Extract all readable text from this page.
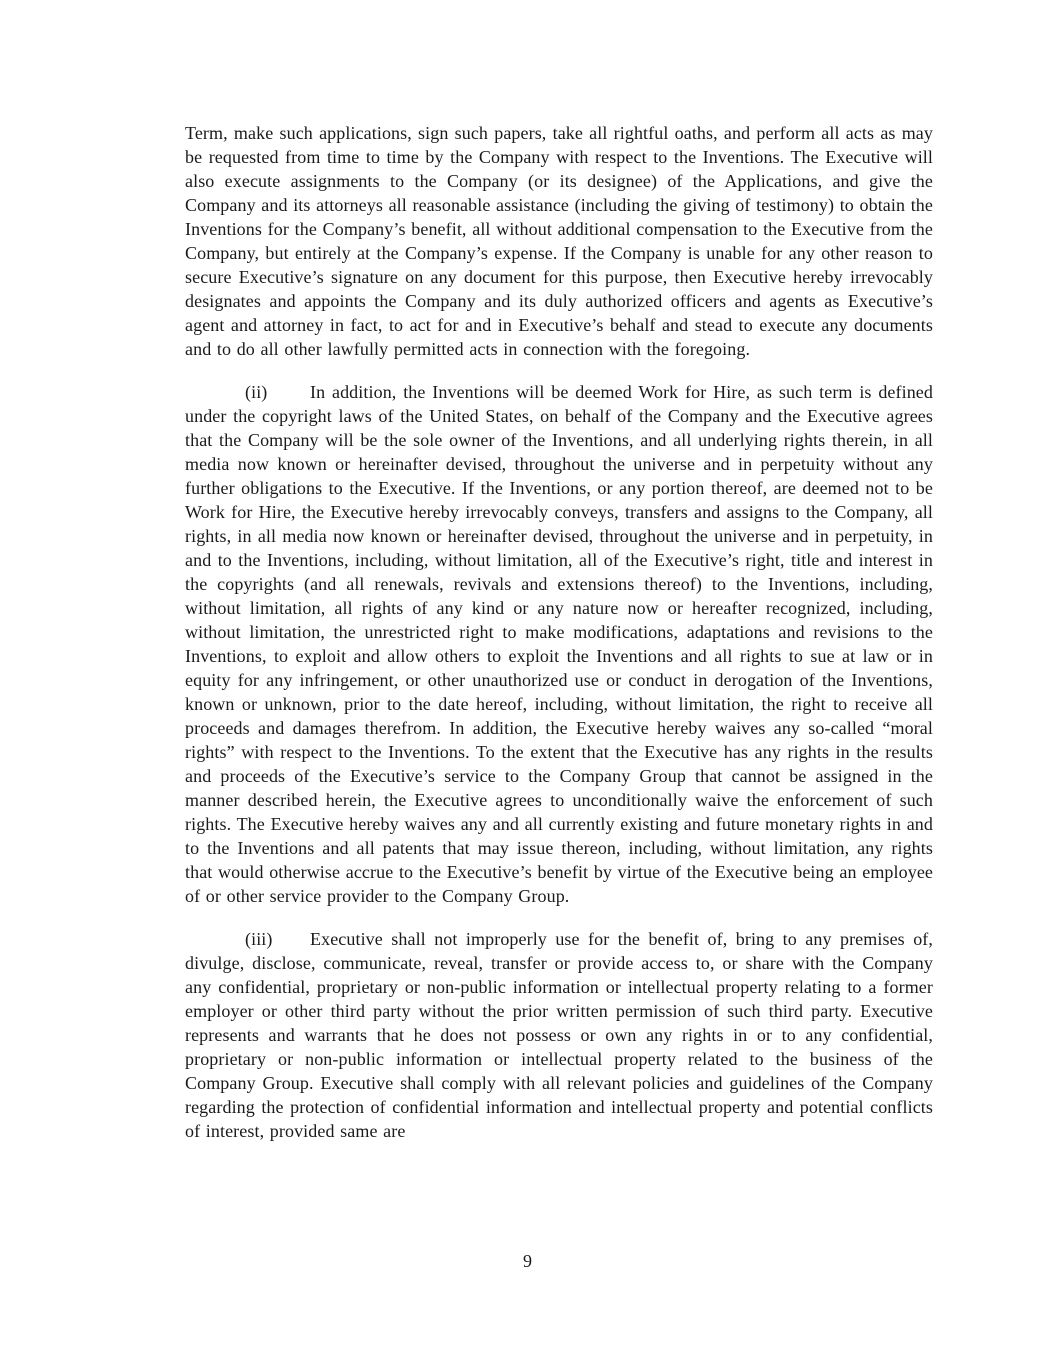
Term, make such applications, sign such papers, take all rightful oaths, and perform all acts as may be requested from time to time by the Company with respect to the Inventions. The Executive will also execute assignments to the Company (or its designee) of the Applications, and give the Company and its attorneys all reasonable assistance (including the giving of testimony) to obtain the Inventions for the Company’s benefit, all without additional compensation to the Executive from the Company, but entirely at the Company’s expense. If the Company is unable for any other reason to secure Executive’s signature on any document for this purpose, then Executive hereby irrevocably designates and appoints the Company and its duly authorized officers and agents as Executive’s agent and attorney in fact, to act for and in Executive’s behalf and stead to execute any documents and to do all other lawfully permitted acts in connection with the foregoing.

(ii) In addition, the Inventions will be deemed Work for Hire, as such term is defined under the copyright laws of the United States, on behalf of the Company and the Executive agrees that the Company will be the sole owner of the Inventions, and all underlying rights therein, in all media now known or hereinafter devised, throughout the universe and in perpetuity without any further obligations to the Executive. If the Inventions, or any portion thereof, are deemed not to be Work for Hire, the Executive hereby irrevocably conveys, transfers and assigns to the Company, all rights, in all media now known or hereinafter devised, throughout the universe and in perpetuity, in and to the Inventions, including, without limitation, all of the Executive’s right, title and interest in the copyrights (and all renewals, revivals and extensions thereof) to the Inventions, including, without limitation, all rights of any kind or any nature now or hereafter recognized, including, without limitation, the unrestricted right to make modifications, adaptations and revisions to the Inventions, to exploit and allow others to exploit the Inventions and all rights to sue at law or in equity for any infringement, or other unauthorized use or conduct in derogation of the Inventions, known or unknown, prior to the date hereof, including, without limitation, the right to receive all proceeds and damages therefrom. In addition, the Executive hereby waives any so-called “moral rights” with respect to the Inventions. To the extent that the Executive has any rights in the results and proceeds of the Executive’s service to the Company Group that cannot be assigned in the manner described herein, the Executive agrees to unconditionally waive the enforcement of such rights. The Executive hereby waives any and all currently existing and future monetary rights in and to the Inventions and all patents that may issue thereon, including, without limitation, any rights that would otherwise accrue to the Executive’s benefit by virtue of the Executive being an employee of or other service provider to the Company Group.

(iii) Executive shall not improperly use for the benefit of, bring to any premises of, divulge, disclose, communicate, reveal, transfer or provide access to, or share with the Company any confidential, proprietary or non-public information or intellectual property relating to a former employer or other third party without the prior written permission of such third party. Executive represents and warrants that he does not possess or own any rights in or to any confidential, proprietary or non-public information or intellectual property related to the business of the Company Group. Executive shall comply with all relevant policies and guidelines of the Company regarding the protection of confidential information and intellectual property and potential conflicts of interest, provided same are

9
